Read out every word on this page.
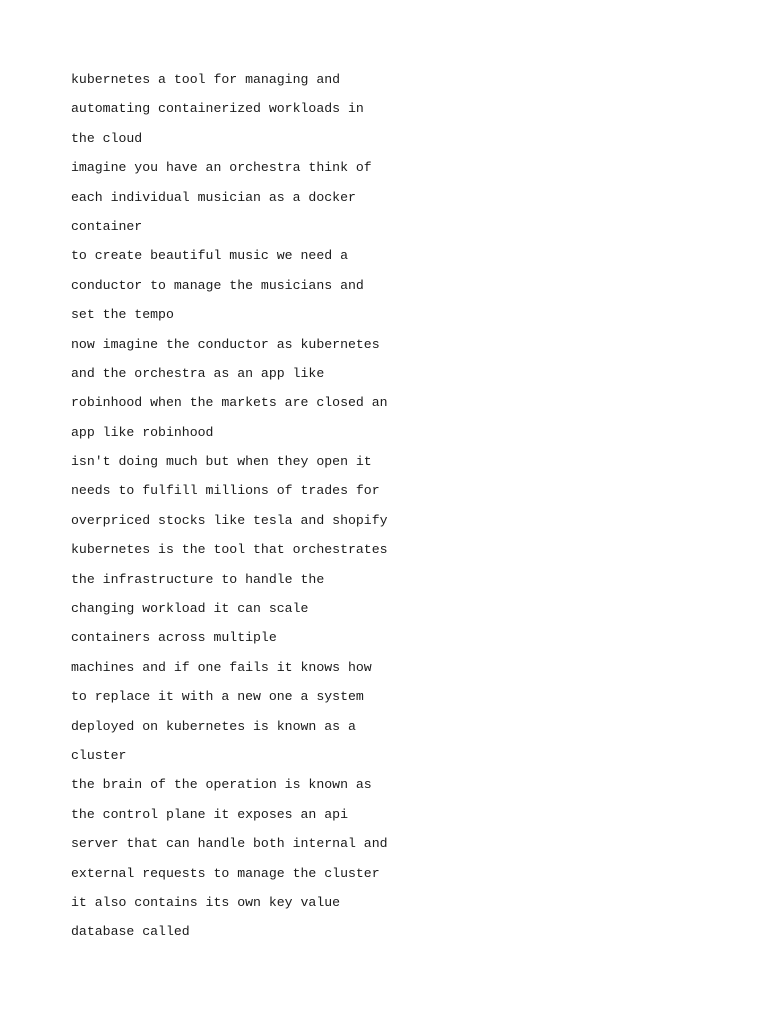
kubernetes a tool for managing and
automating containerized workloads in
the cloud
imagine you have an orchestra think of
each individual musician as a docker
container
to create beautiful music we need a
conductor to manage the musicians and
set the tempo
now imagine the conductor as kubernetes
and the orchestra as an app like
robinhood when the markets are closed an
app like robinhood
isn't doing much but when they open it
needs to fulfill millions of trades for
overpriced stocks like tesla and shopify
kubernetes is the tool that orchestrates
the infrastructure to handle the
changing workload it can scale
containers across multiple
machines and if one fails it knows how
to replace it with a new one a system
deployed on kubernetes is known as a
cluster
the brain of the operation is known as
the control plane it exposes an api
server that can handle both internal and
external requests to manage the cluster
it also contains its own key value
database called
